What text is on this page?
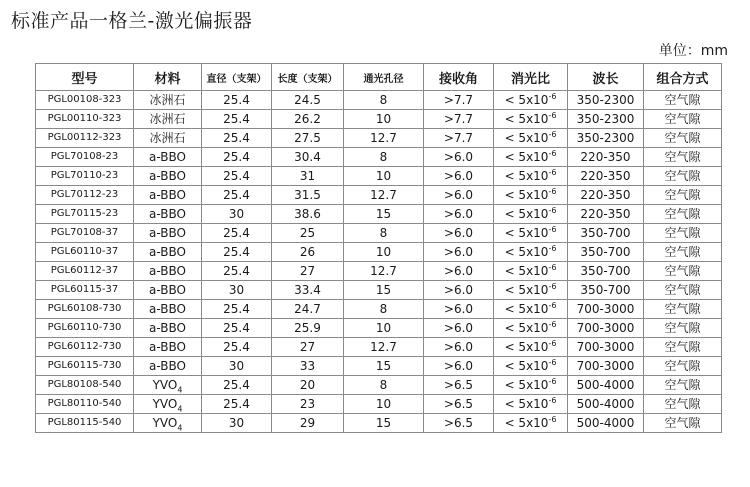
标准产品一格兰-激光偏振器
单位：mm
型号	材料	直径（支架）	长度（支架）	通光孔径	接收角	消光比	波长	组合方式
PGL00108-323	冰洲石	25.4	24.5	8	>7.7	< $5x10^{-6}$	350-2300	空气隙
PGL00110-323	冰洲石	25.4	26.2	10	>7.7	< $5x10^{-6}$	350-2300	空气隙
PGL00112-323	冰洲石	25.4	27.5	12.7	>7.7	< $5x10^{-6}$	350-2300	空气隙
PGL70108-23	a-BBO	25.4	30.4	8	>6.0	< $5x10^{-6}$	220-350	空气隙
PGL70110-23	a-BBO	25.4	31	10	>6.0	< $5x10^{-6}$	220-350	空气隙
PGL70112-23	a-BBO	25.4	31.5	12.7	>6.0	< $5x10^{-6}$	220-350	空气隙
PGL70115-23	a-BBO	30	38.6	15	>6.0	< $5x10^{-6}$	220-350	空气隙
PGL70108-37	a-BBO	25.4	25	8	>6.0	< $5x10^{-6}$	350-700	空气隙
PGL60110-37	a-BBO	25.4	26	10	>6.0	< $5x10^{-6}$	350-700	空气隙
PGL60112-37	a-BBO	25.4	27	12.7	>6.0	< $5x10^{-6}$	350-700	空气隙
PGL60115-37	a-BBO	30	33.4	15	>6.0	< $5x10^{-6}$	350-700	空气隙
PGL60108-730	a-BBO	25.4	24.7	8	>6.0	< $5x10^{-6}$	700-3000	空气隙
PGL60110-730	a-BBO	25.4	25.9	10	>6.0	< $5x10^{-6}$	700-3000	空气隙
PGL60112-730	a-BBO	25.4	27	12.7	>6.0	< $5x10^{-6}$	700-3000	空气隙
PGL60115-730	a-BBO	30	33	15	>6.0	< $5x10^{-6}$	700-3000	空气隙
PGL80108-540	$YVO_4$	25.4	20	8	>6.5	< $5x10^{-6}$	500-4000	空气隙
PGL80110-540	$YVO_4$	25.4	23	10	>6.5	< $5x10^{-6}$	500-4000	空气隙
PGL80115-540	$YVO_4$	30	29	15	>6.5	< $5x10^{-6}$	500-4000	空气隙
